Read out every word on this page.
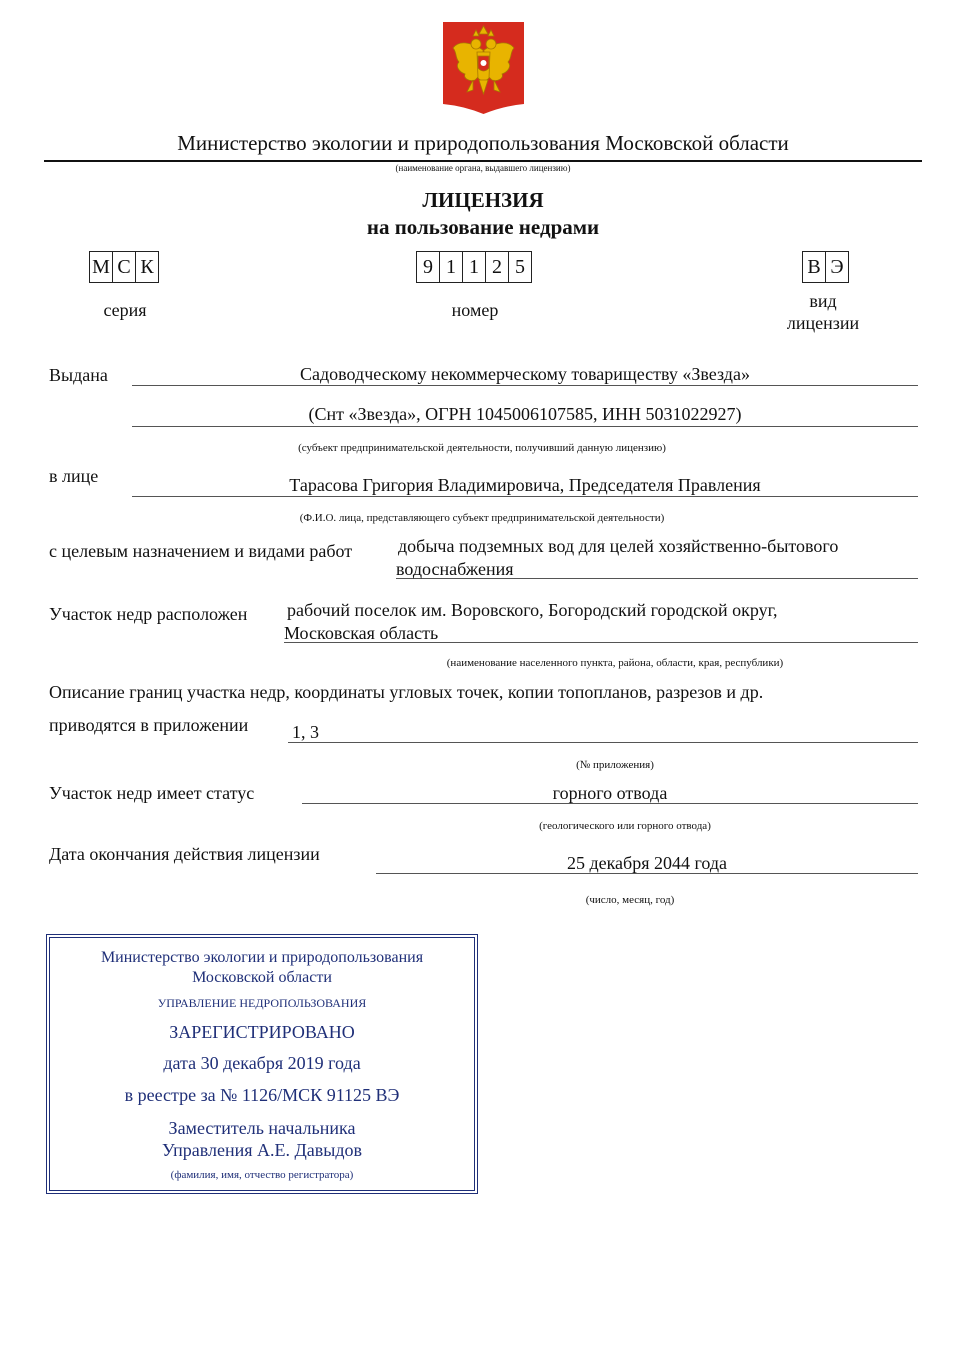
Министерство экологии и природопользования Московской области
(наименование органа, выдавшего лицензию)
ЛИЦЕНЗИЯ
на пользование недрами
М С К
серия
9 1 1 2 5
номер
В Э
вид
лицензии
Выдана	Садоводческому некоммерческому товариществу «Звезда»
(Снт «Звезда», ОГРН 1045006107585, ИНН 5031022927)
(субъект предпринимательской деятельности, получивший данную лицензию)
в лице	Тарасова Григория Владимировича, Председателя Правления
(Ф.И.О. лица, представляющего субъект предпринимательской деятельности)
с целевым назначением и видами работ	добыча подземных вод для целей хозяйственно-бытового
водоснабжения
Участок недр расположен рабочий поселок им. Воровского, Богородский городской округ,
Московская область
(наименование населенного пункта, района, области, края, республики)
Описание границ участка недр, координаты угловых точек, копии топопланов, разрезов и др.
приводятся в приложении 1, 3
(№ приложения)
Участок недр имеет статус	горного отвода
(геологического или горного отвода)
Дата окончания действия лицензии	25 декабря 2044 года
(число, месяц, год)
Министерство экологии и природопользования
Московской области
УПРАВЛЕНИЕ НЕДРОПОЛЬЗОВАНИЯ
ЗАРЕГИСТРИРОВАНО
дата 30 декабря 2019 года
в реестре за № 1126/МСК 91125 ВЭ
Заместитель начальника
Управления А.Е. Давыдов
(фамилия, имя, отчество регистратора)
